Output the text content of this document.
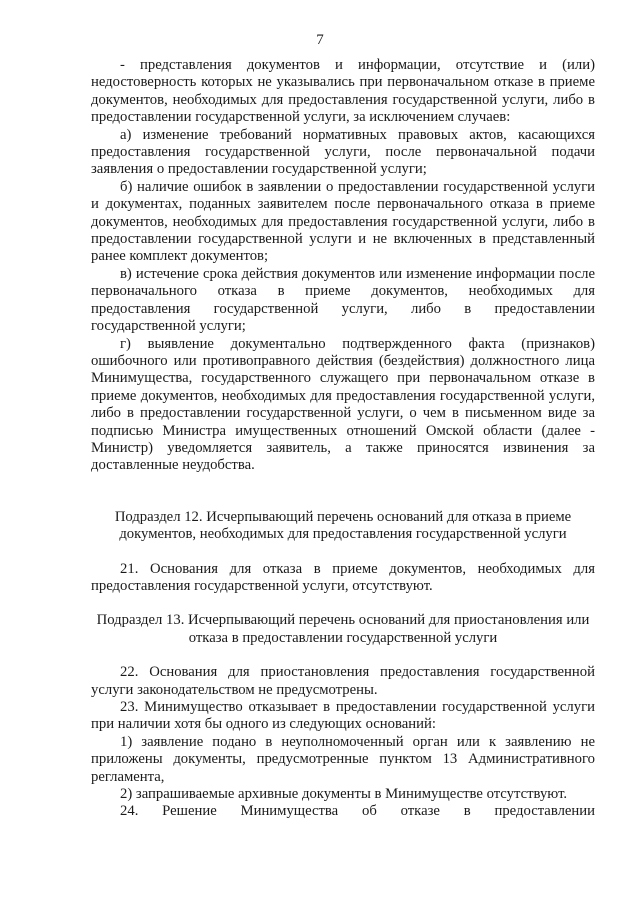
7

- представления документов и информации, отсутствие и (или) недостоверность которых не указывались при первоначальном отказе в приеме документов, необходимых для предоставления государственной услуги, либо в предоставлении государственной услуги, за исключением случаев:

а) изменение требований нормативных правовых актов, касающихся предоставления государственной услуги, после первоначальной подачи заявления о предоставлении государственной услуги;

б) наличие ошибок в заявлении о предоставлении государственной услуги и документах, поданных заявителем после первоначального отказа в приеме документов, необходимых для предоставления государственной услуги, либо в предоставлении государственной услуги и не включенных в представленный ранее комплект документов;

в) истечение срока действия документов или изменение информации после первоначального отказа в приеме документов, необходимых для предоставления государственной услуги, либо в предоставлении государственной услуги;

г) выявление документально подтвержденного факта (признаков) ошибочного или противоправного действия (бездействия) должностного лица Минимущества, государственного служащего при первоначальном отказе в приеме документов, необходимых для предоставления государственной услуги, либо в предоставлении государственной услуги, о чем в письменном виде за подписью Министра имущественных отношений Омской области (далее - Министр) уведомляется заявитель, а также приносятся извинения за доставленные неудобства.

Подраздел 12. Исчерпывающий перечень оснований для отказа в приеме документов, необходимых для предоставления государственной услуги

21. Основания для отказа в приеме документов, необходимых для предоставления государственной услуги, отсутствуют.

Подраздел 13. Исчерпывающий перечень оснований для приостановления или отказа в предоставлении государственной услуги

22. Основания для приостановления предоставления государственной услуги законодательством не предусмотрены.

23. Минимущество отказывает в предоставлении государственной услуги при наличии хотя бы одного из следующих оснований:

1) заявление подано в неуполномоченный орган или к заявлению не приложены документы, предусмотренные пунктом 13 Административного регламента,

2) запрашиваемые архивные документы в Минимуществе отсутствуют.

24. Решение Минимущества об отказе в предоставлении
